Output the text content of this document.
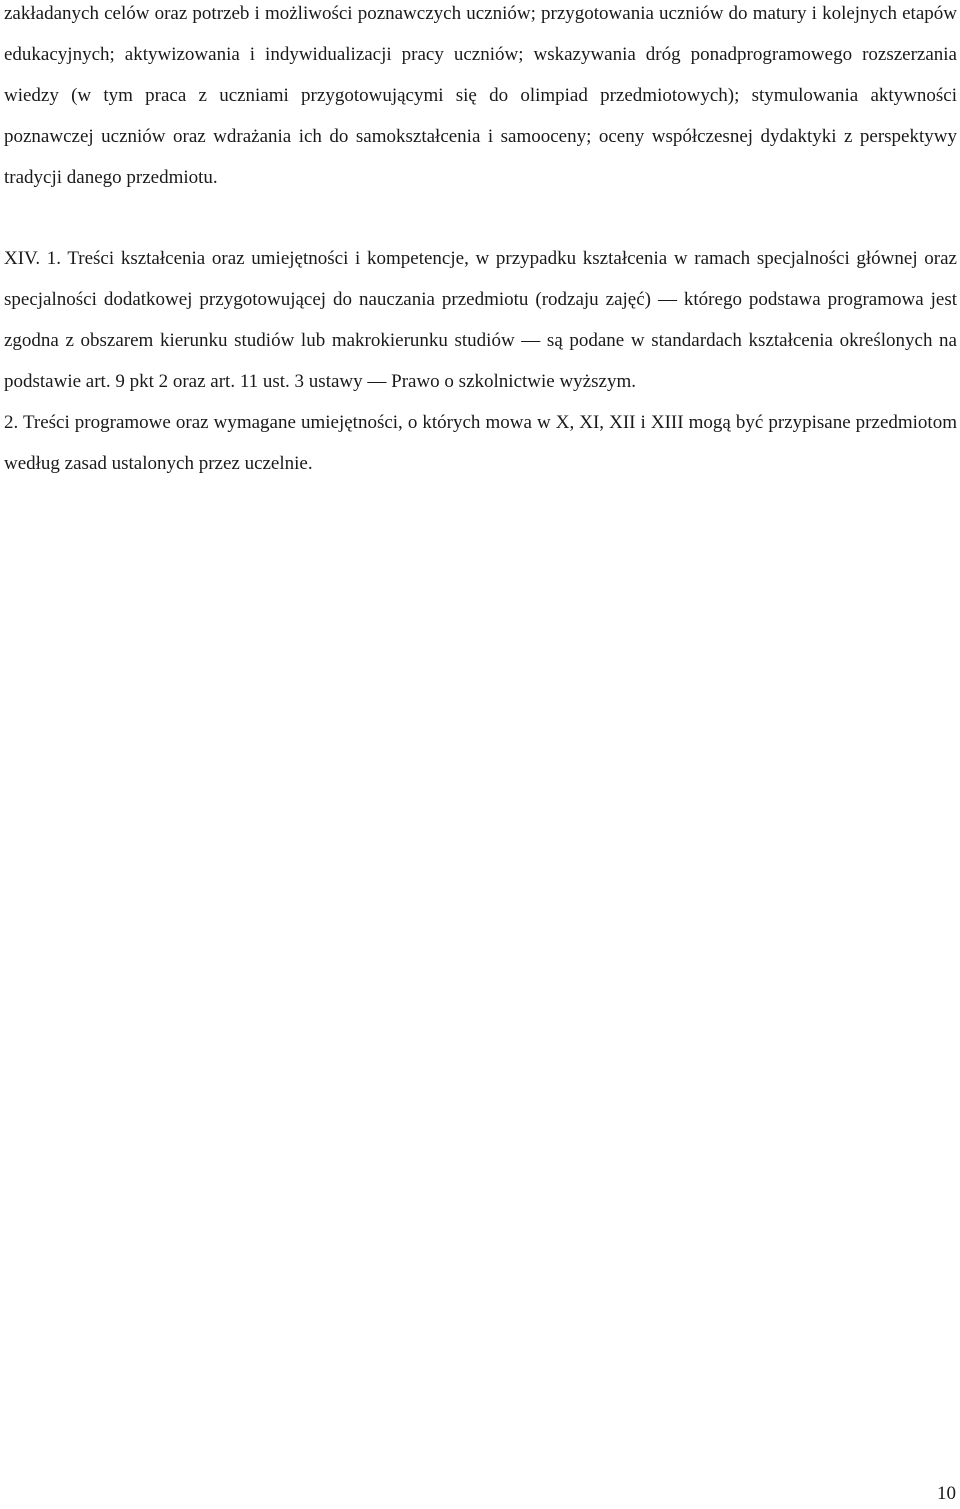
zakładanych celów oraz potrzeb i możliwości poznawczych uczniów; przygotowania uczniów do matury i kolejnych etapów edukacyjnych; aktywizowania i indywidualizacji pracy uczniów; wskazywania dróg ponadprogramowego rozszerzania wiedzy (w tym praca z uczniami przygotowującymi się do olimpiad przedmiotowych); stymulowania aktywności poznawczej uczniów oraz wdrażania ich do samokształcenia i samooceny; oceny współczesnej dydaktyki z perspektywy tradycji danego przedmiotu.

XIV. 1. Treści kształcenia oraz umiejętności i kompetencje, w przypadku kształcenia w ramach specjalności głównej oraz specjalności dodatkowej przygotowującej do nauczania przedmiotu (rodzaju zajęć) — którego podstawa programowa jest zgodna z obszarem kierunku studiów lub makrokierunku studiów — są podane w standardach kształcenia określonych na podstawie art. 9 pkt 2 oraz art. 11 ust. 3 ustawy — Prawo o szkolnictwie wyższym.

2. Treści programowe oraz wymagane umiejętności, o których mowa w X, XI, XII i XIII mogą być przypisane przedmiotom według zasad ustalonych przez uczelnie.

10
